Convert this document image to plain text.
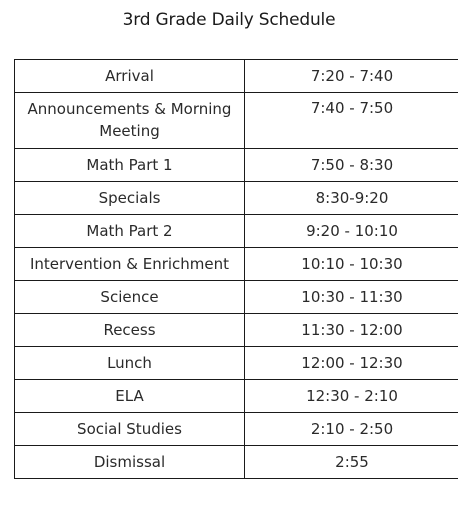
3rd Grade Daily Schedule
Arrival	7:20 - 7:40
Announcements & Morning Meeting	7:40 - 7:50
Math Part 1	7:50 - 8:30
Specials	8:30-9:20
Math Part 2	9:20 - 10:10
Intervention & Enrichment	10:10 - 10:30
Science	10:30 - 11:30
Recess	11:30 - 12:00
Lunch	12:00 - 12:30
ELA	12:30 - 2:10
Social Studies	2:10 - 2:50
Dismissal	2:55
